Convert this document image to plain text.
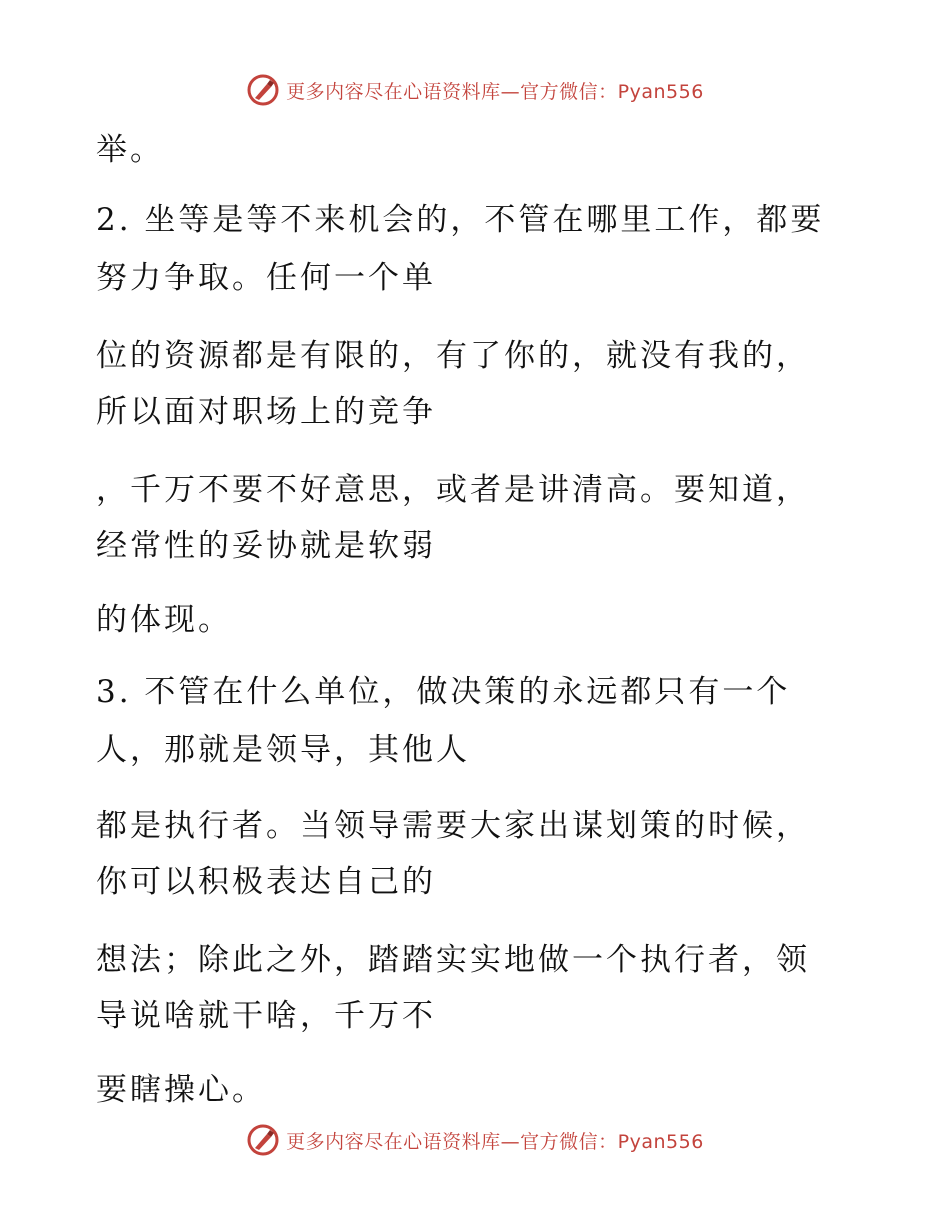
更多内容尽在心语资料库—官方微信：Pyan556
举。
2. 坐等是等不来机会的，不管在哪里工作，都要
努力争取。任何一个单
位的资源都是有限的，有了你的，就没有我的，
所以面对职场上的竞争
，千万不要不好意思，或者是讲清高。要知道，
经常性的妥协就是软弱
的体现。
3. 不管在什么单位，做决策的永远都只有一个
人，那就是领导，其他人
都是执行者。当领导需要大家出谋划策的时候，
你可以积极表达自己的
想法；除此之外，踏踏实实地做一个执行者，领
导说啥就干啥，千万不
要瞎操心。
更多内容尽在心语资料库—官方微信：Pyan556
